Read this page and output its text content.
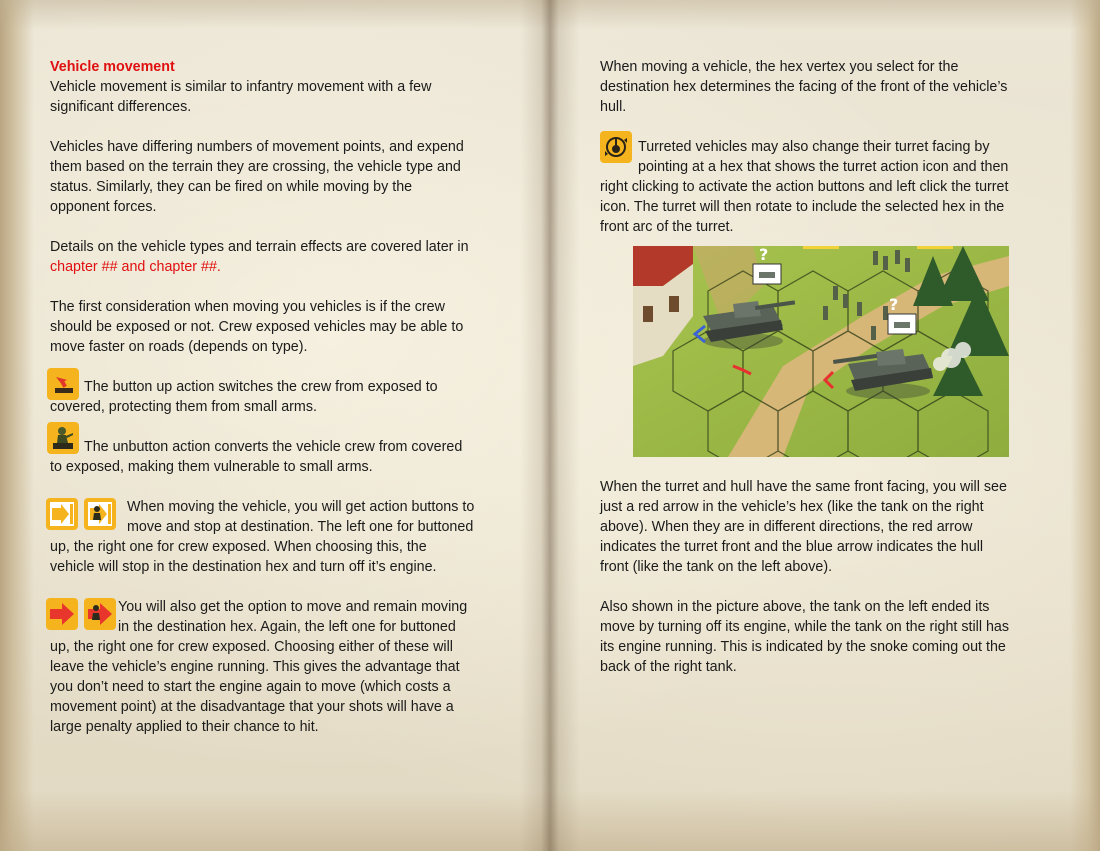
Vehicle movement
Vehicle movement is similar to infantry movement with a few
significant differences.

Vehicles have differing numbers of movement points, and expend
them based on the terrain they are crossing, the vehicle type and
status. Similarly, they can be fired on while moving by the
opponent forces.

Details on the vehicle types and terrain effects are covered later in
chapter ## and chapter ##.

The first consideration when moving you vehicles is if the crew
should be exposed or not. Crew exposed vehicles may be able to
move faster on roads (depends on type).

The button up action switches the crew from exposed to
covered, protecting them from small arms.

The unbutton action converts the vehicle crew from covered
to exposed, making them vulnerable to small arms.

When moving the vehicle, you will get action buttons to
move and stop at destination. The left one for buttoned
up, the right one for crew exposed. When choosing this, the
vehicle will stop in the destination hex and turn off it’s engine.

You will also get the option to move and remain moving
in the destination hex. Again, the left one for buttoned
up, the right one for crew exposed. Choosing either of these will
leave the vehicle’s engine running. This gives the advantage that
you don’t need to start the engine again to move (which costs a
movement point) at the disadvantage that your shots will have a
large penalty applied to their chance to hit.

When moving a vehicle, the hex vertex you select for the
destination hex determines the facing of the front of the vehicle’s
hull.

Turreted vehicles may also change their turret facing by
pointing at a hex that shows the turret action icon and then
right clicking to activate the action buttons and left click the turret
icon. The turret will then rotate to include the selected hex in the
front arc of the turret.

When the turret and hull have the same front facing, you will see
just a red arrow in the vehicle’s hex (like the tank on the right
above). When they are in different directions, the red arrow
indicates the turret front and the blue arrow indicates the hull
front (like the tank on the left above).

Also shown in the picture above, the tank on the left ended its
move by turning off its engine, while the tank on the right still has
its engine running. This is indicated by the snoke coming out the
back of the right tank.

?
?
